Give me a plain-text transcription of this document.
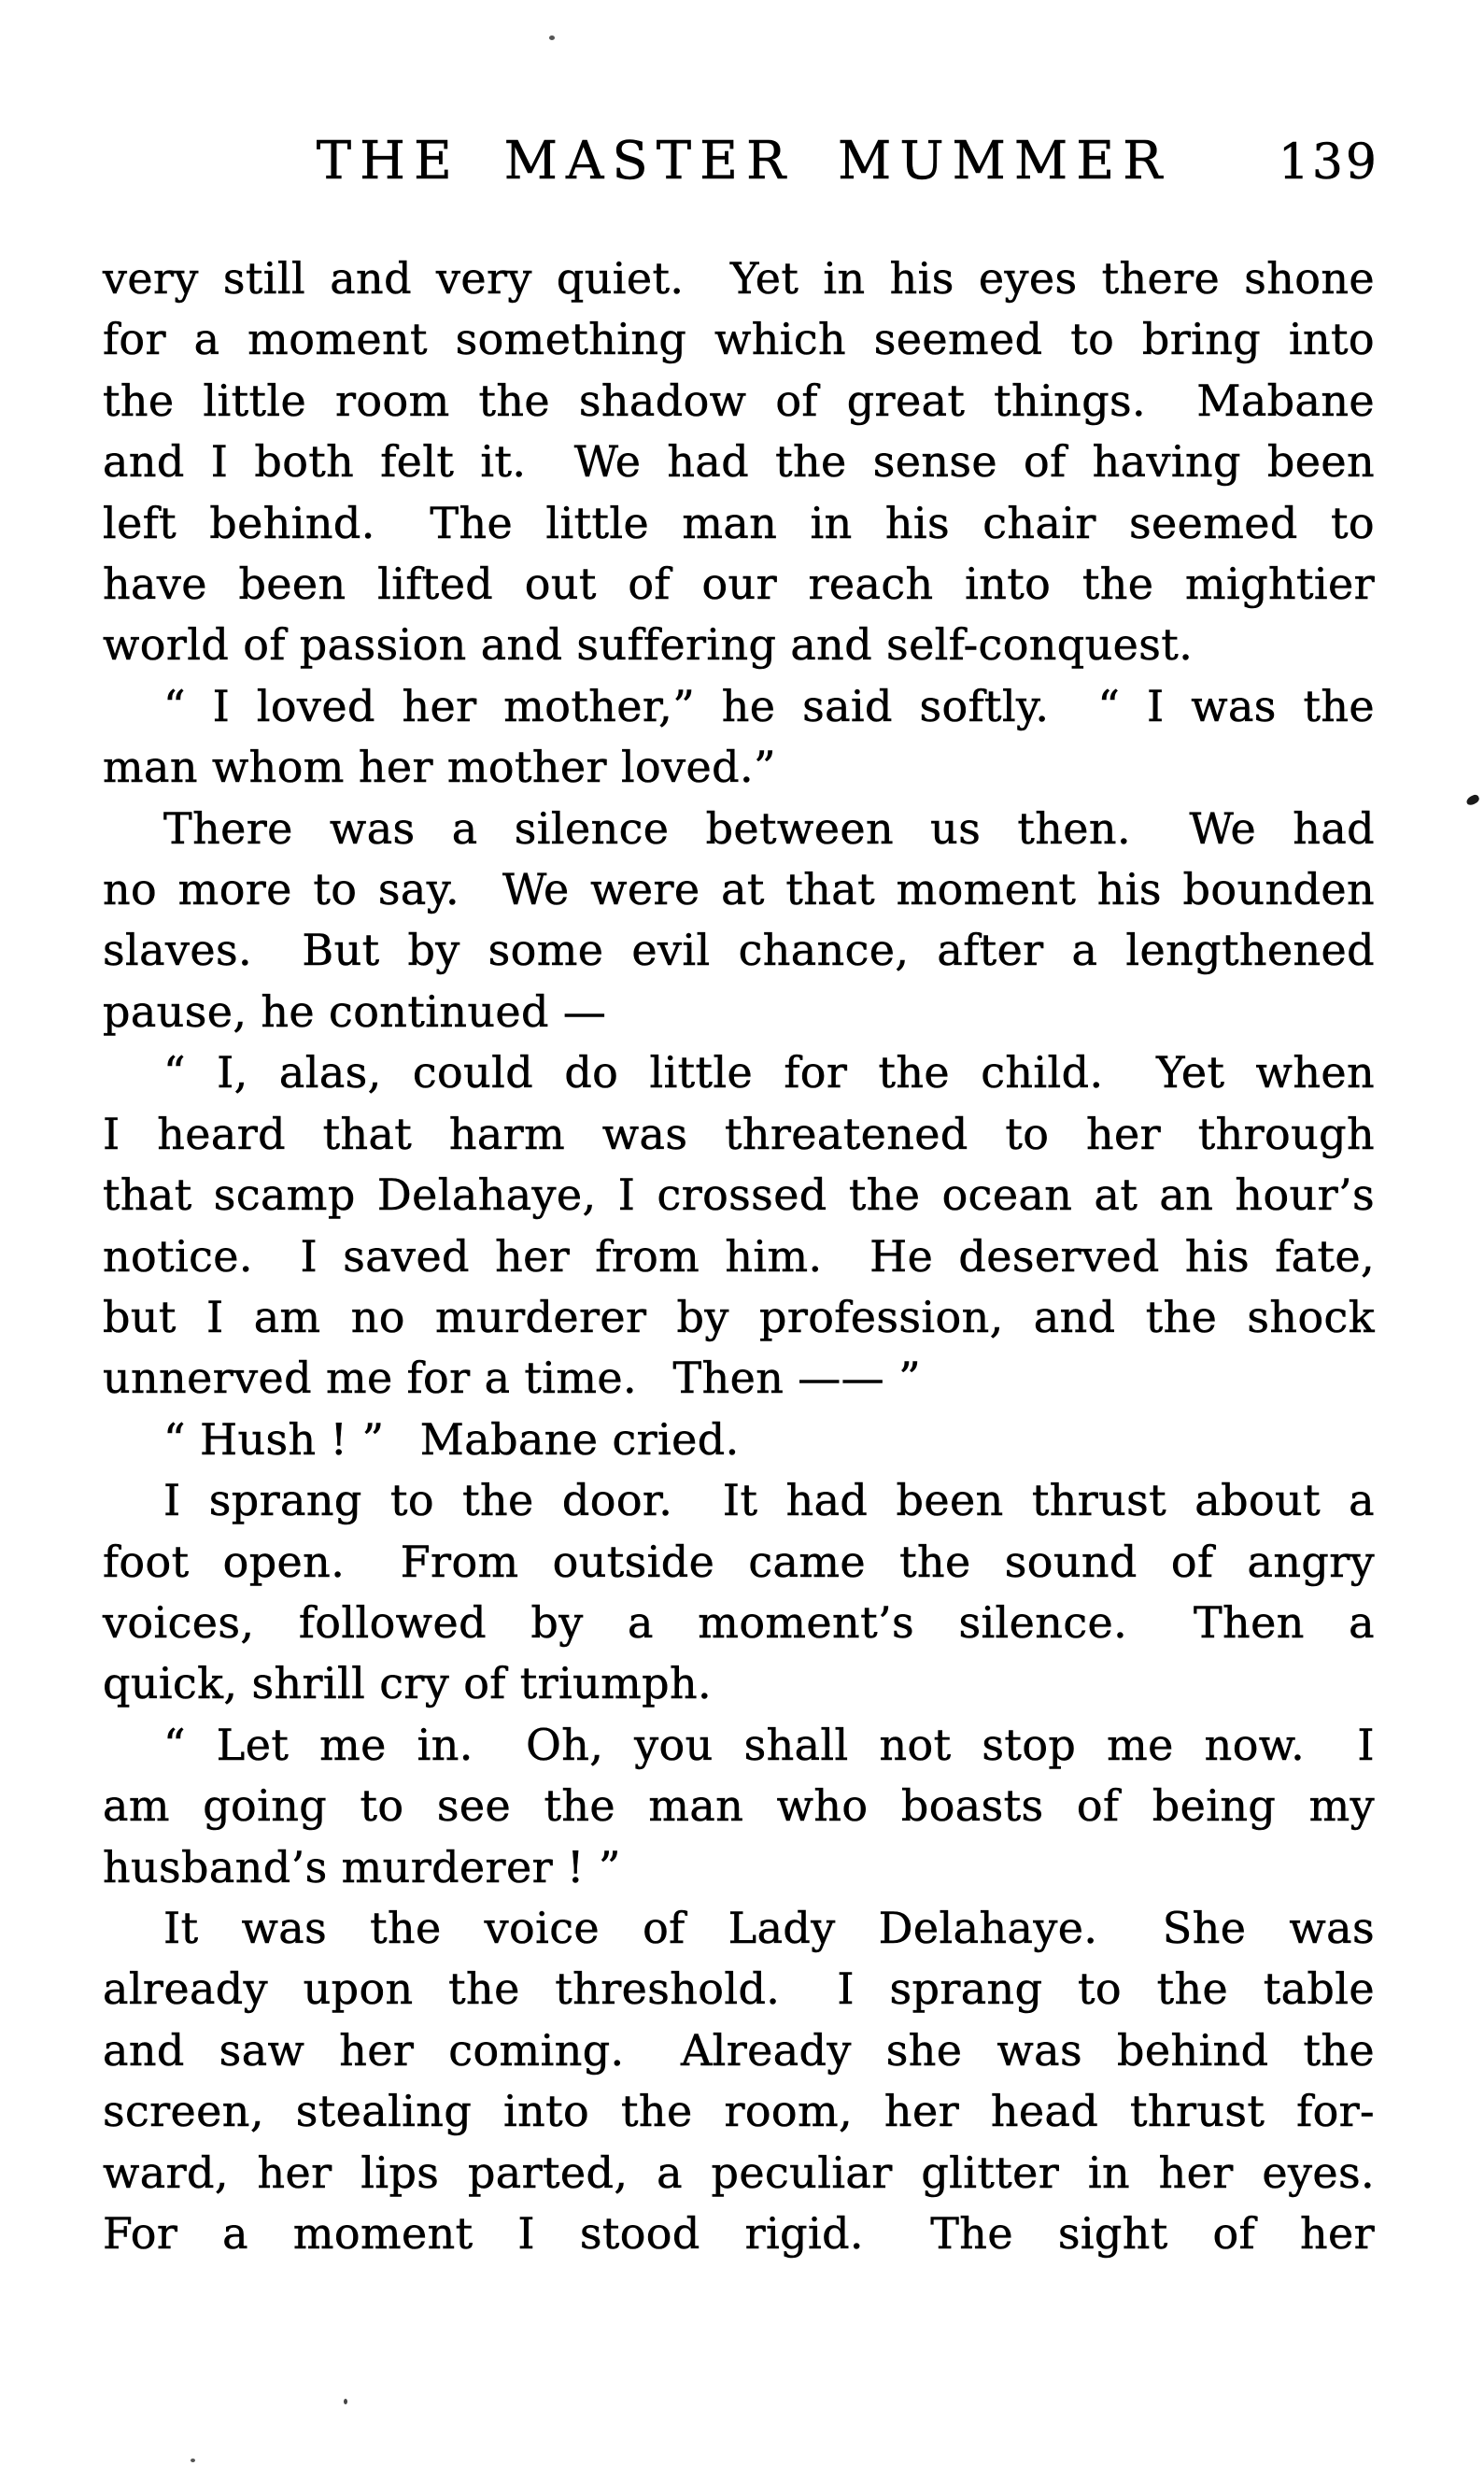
THE MASTER MUMMER	139
very still and very quiet.  Yet in his eyes there shone
for a moment something which seemed to bring into
the little room the shadow of great things.  Mabane
and I both felt it.  We had the sense of having been
left behind.  The little man in his chair seemed to
have been lifted out of our reach into the mightier
world of passion and suffering and self-conquest.
“ I loved her mother,” he said softly.  “ I was the
man whom her mother loved.”
There was a silence between us then.  We had
no more to say.  We were at that moment his bounden
slaves.  But by some evil chance, after a lengthened
pause, he continued —
“ I, alas, could do little for the child.  Yet when
I heard that harm was threatened to her through
that scamp Delahaye, I crossed the ocean at an hour’s
notice.  I saved her from him.  He deserved his fate,
but I am no murderer by profession, and the shock
unnerved me for a time.  Then —— ”
“ Hush ! ”  Mabane cried.
I sprang to the door.  It had been thrust about a
foot open.  From outside came the sound of angry
voices, followed by a moment’s silence.  Then a
quick, shrill cry of triumph.
“ Let me in.  Oh, you shall not stop me now.  I
am going to see the man who boasts of being my
husband’s murderer ! ”
It was the voice of Lady Delahaye.  She was
already upon the threshold.  I sprang to the table
and saw her coming.  Already she was behind the
screen, stealing into the room, her head thrust for-
ward, her lips parted, a peculiar glitter in her eyes.
For a moment I stood rigid.  The sight of her
